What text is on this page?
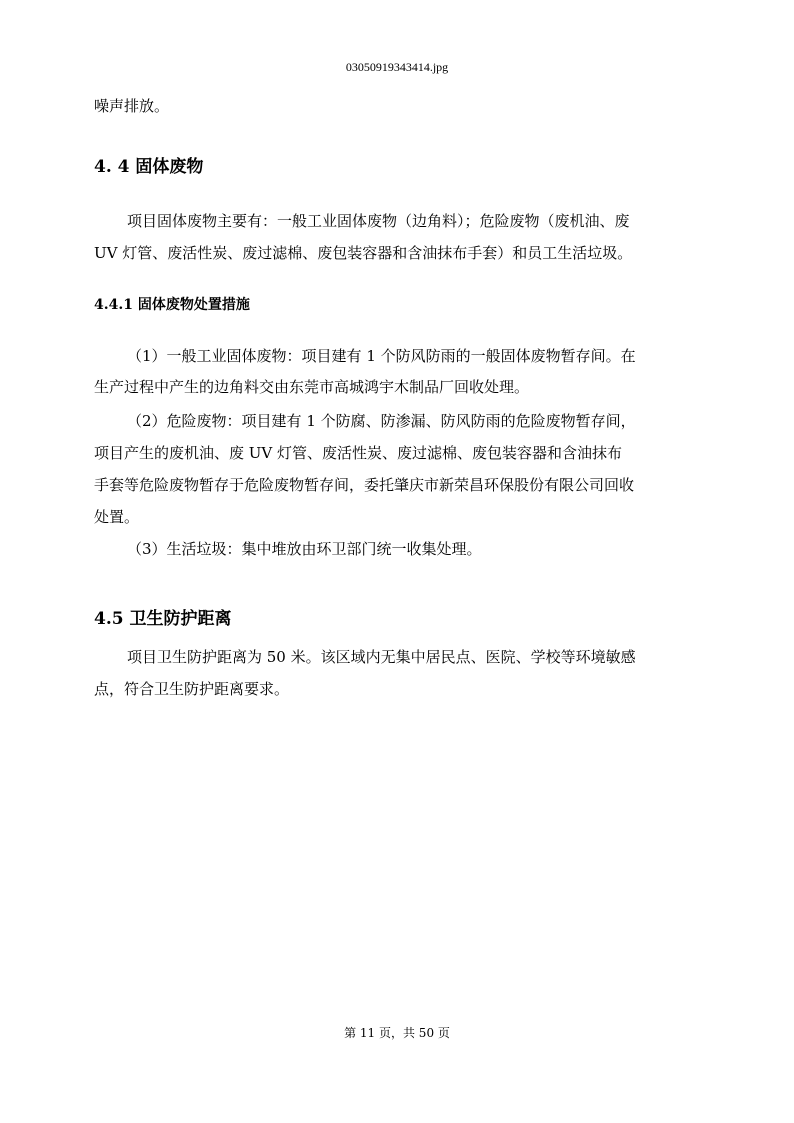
03050919343414.jpg
噪声排放。
4. 4 固体废物
项目固体废物主要有：一般工业固体废物（边角料）；危险废物（废机油、废
UV 灯管、废活性炭、废过滤棉、废包装容器和含油抹布手套）和员工生活垃圾。
4.4.1 固体废物处置措施
（1）一般工业固体废物：项目建有 1 个防风防雨的一般固体废物暂存间。在
生产过程中产生的边角料交由东莞市高城鸿宇木制品厂回收处理。
（2）危险废物：项目建有 1 个防腐、防渗漏、防风防雨的危险废物暂存间，
项目产生的废机油、废 UV 灯管、废活性炭、废过滤棉、废包装容器和含油抹布
手套等危险废物暂存于危险废物暂存间，委托肇庆市新荣昌环保股份有限公司回收
处置。
（3）生活垃圾：集中堆放由环卫部门统一收集处理。
4.5 卫生防护距离
项目卫生防护距离为 50 米。该区域内无集中居民点、医院、学校等环境敏感
点，符合卫生防护距离要求。
第 11 页，共 50 页
